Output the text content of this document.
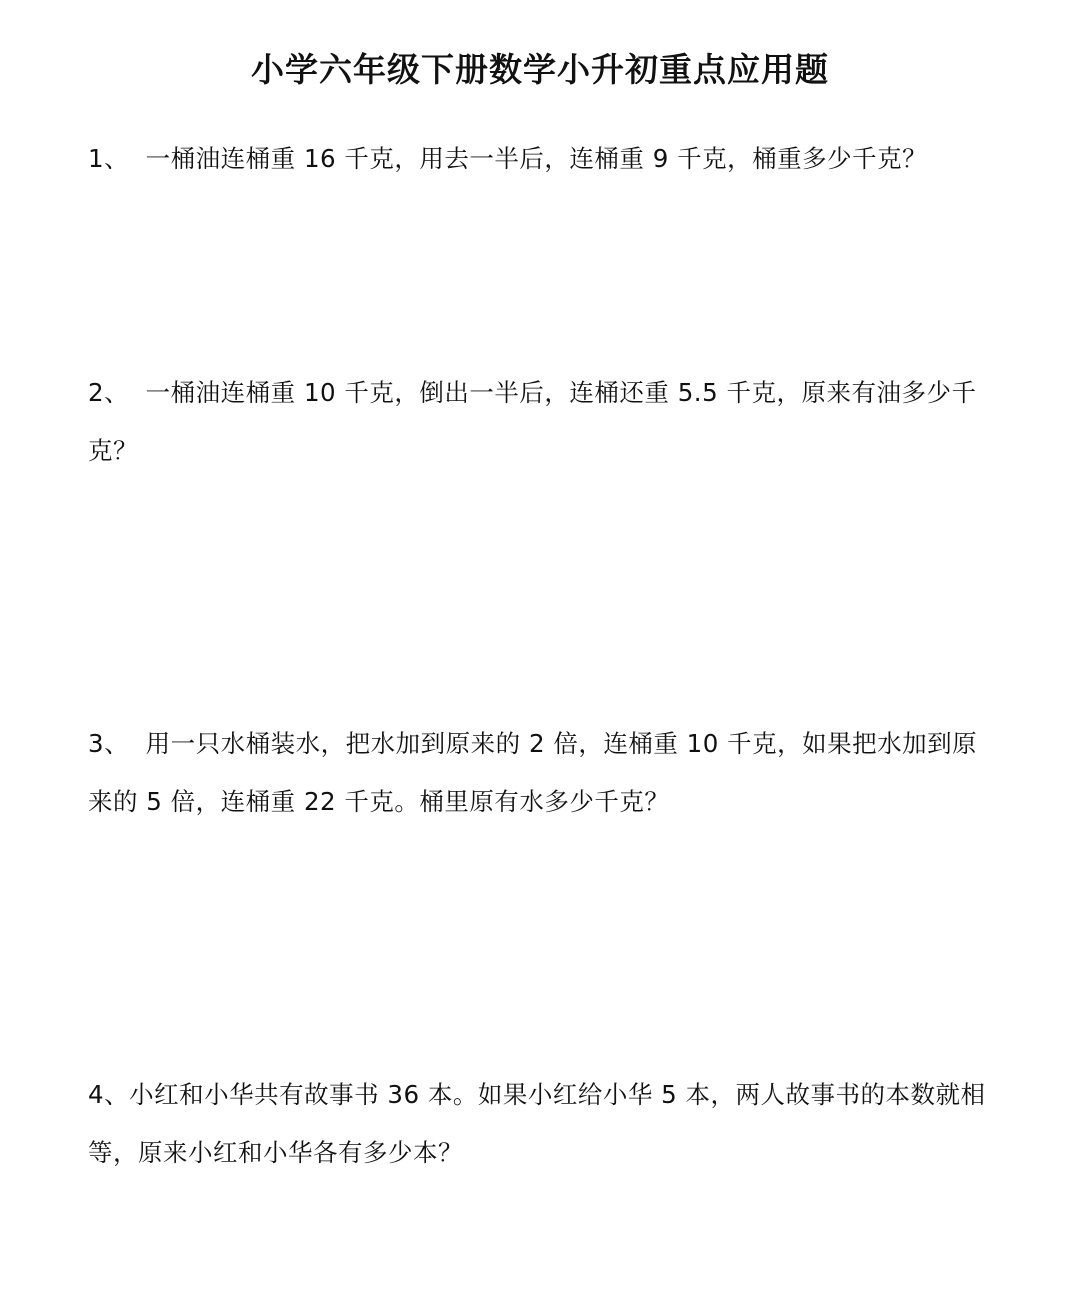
小学六年级下册数学小升初重点应用题
1、  一桶油连桶重 16 千克，用去一半后，连桶重 9 千克，桶重多少千克？
2、  一桶油连桶重 10 千克，倒出一半后，连桶还重 5.5 千克，原来有油多少千克？
3、  用一只水桶装水，把水加到原来的 2 倍，连桶重 10 千克，如果把水加到原来的 5 倍，连桶重 22 千克。桶里原有水多少千克？
4、小红和小华共有故事书 36 本。如果小红给小华 5 本，两人故事书的本数就相等，原来小红和小华各有多少本？
